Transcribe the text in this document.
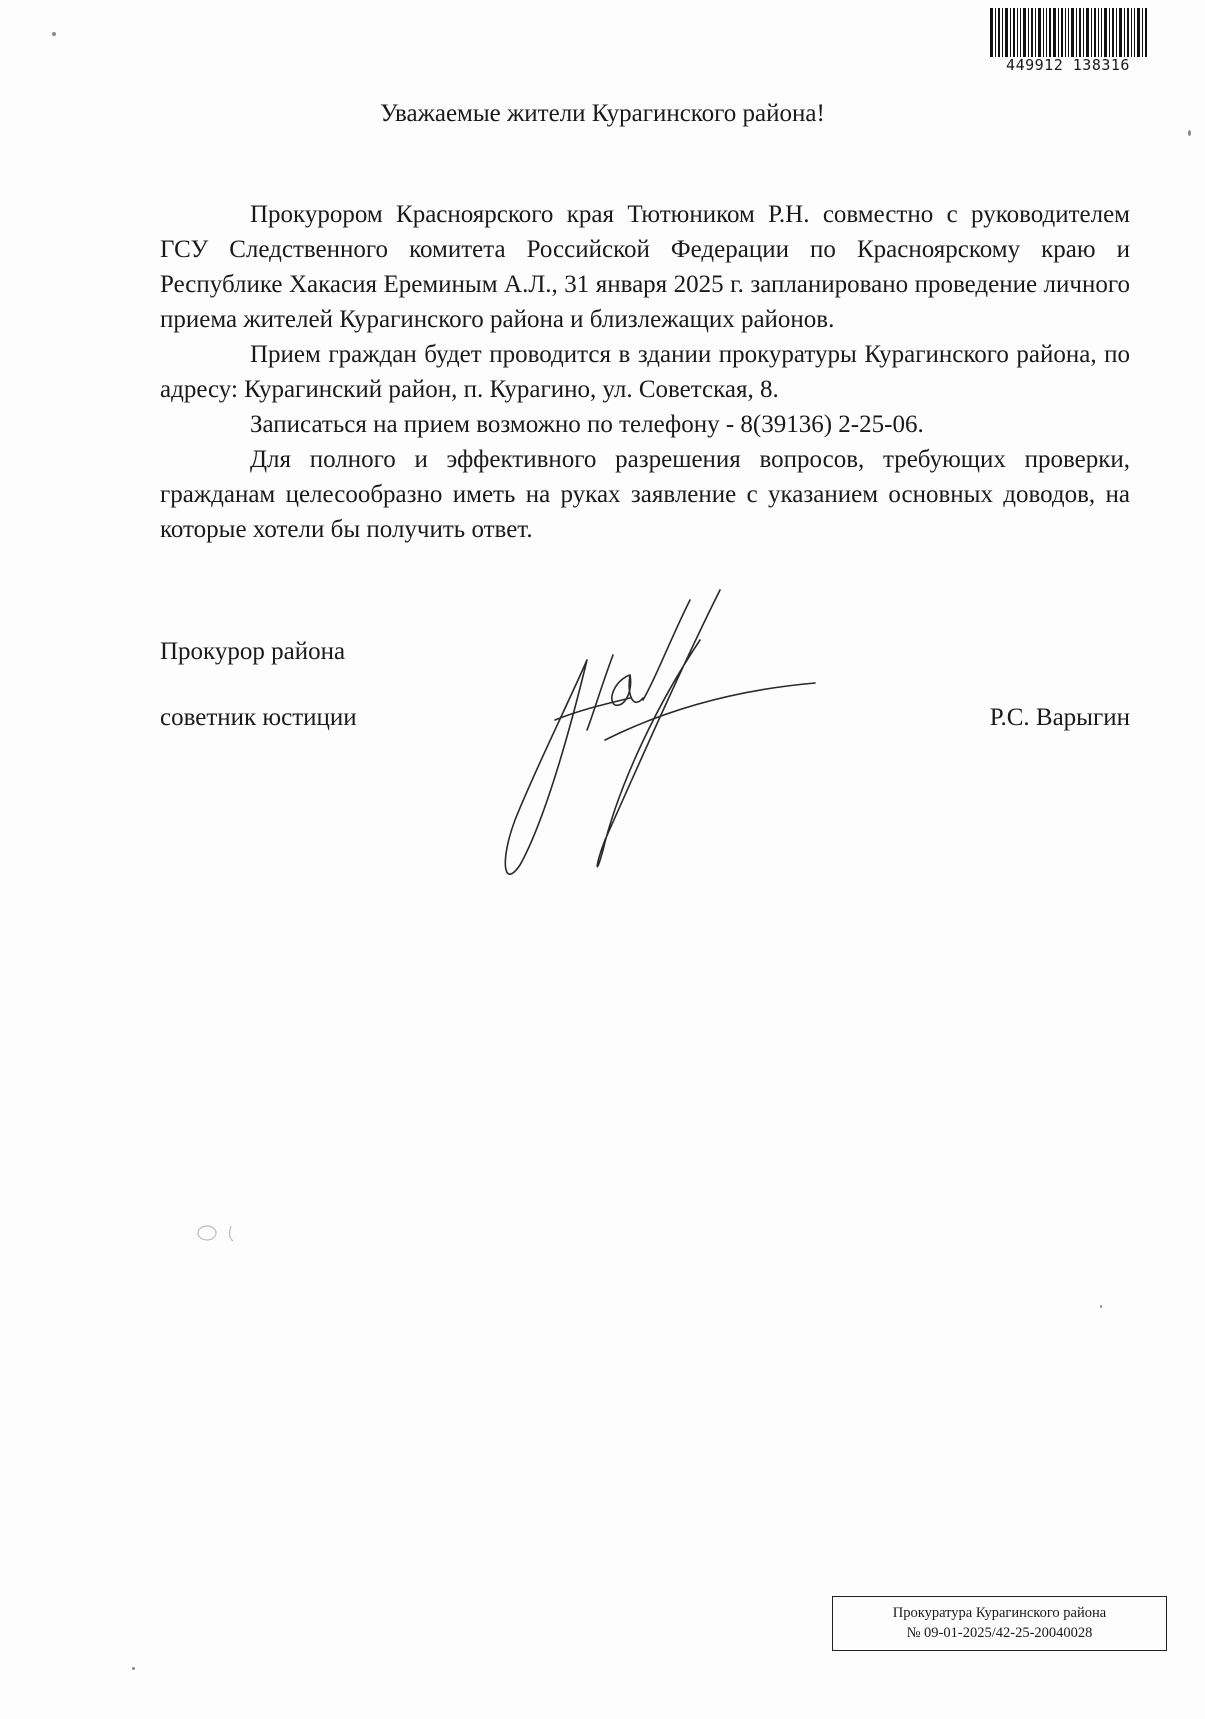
449912 138316
Уважаемые жители Курагинского района!

Прокурором Красноярского края Тютюником Р.Н. совместно с руководителем ГСУ Следственного комитета Российской Федерации по Красноярскому краю и Республике Хакасия Ереминым А.Л., 31 января 2025 г. запланировано проведение личного приема жителей Курагинского района и близлежащих районов.

Прием граждан будет проводится в здании прокуратуры Курагинского района, по адресу: Курагинский район, п. Курагино, ул. Советская, 8.

Записаться на прием возможно по телефону - 8(39136) 2-25-06.

Для полного и эффективного разрешения вопросов, требующих проверки, гражданам целесообразно иметь на руках заявление с указанием основных доводов, на которые хотели бы получить ответ.

Прокурор района
советник юстиции	Р.С. Варыгин
Прокуратура Курагинского района
№ 09-01-2025/42-25-20040028
